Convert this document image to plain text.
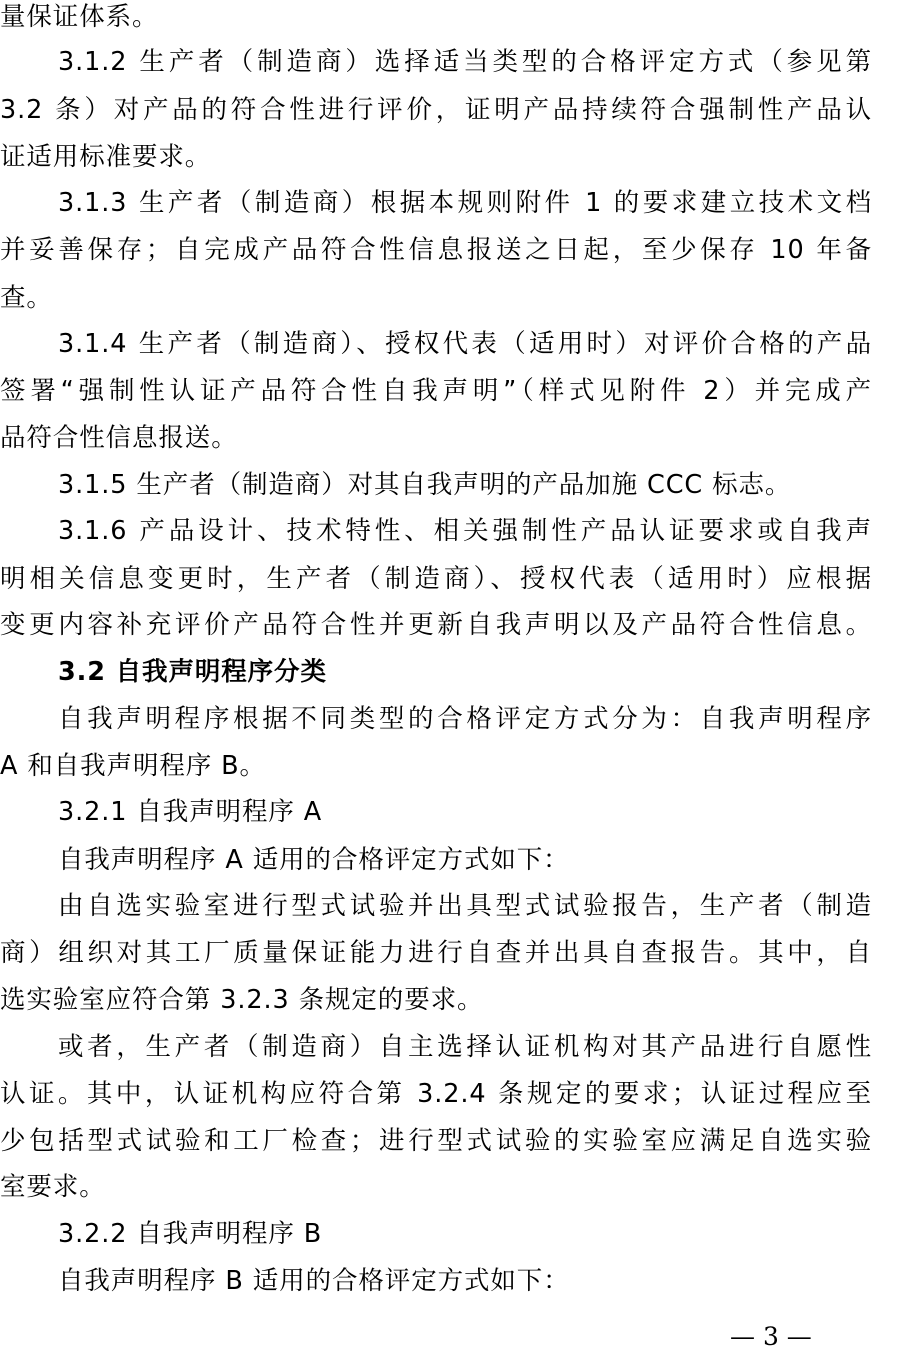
量保证体系。
3.1.2 生产者（制造商）选择适当类型的合格评定方式（参见第
3.2 条）对产品的符合性进行评价，证明产品持续符合强制性产品认
证适用标准要求。
3.1.3 生产者（制造商）根据本规则附件 1 的要求建立技术文档
并妥善保存；自完成产品符合性信息报送之日起，至少保存 10 年备
查。
3.1.4 生产者（制造商）、授权代表（适用时）对评价合格的产品
签署“强制性认证产品符合性自我声明”（样式见附件 2）并完成产
品符合性信息报送。
3.1.5 生产者（制造商）对其自我声明的产品加施 CCC 标志。
3.1.6 产品设计、技术特性、相关强制性产品认证要求或自我声
明相关信息变更时，生产者（制造商）、授权代表（适用时）应根据
变更内容补充评价产品符合性并更新自我声明以及产品符合性信息。
3.2 自我声明程序分类
自我声明程序根据不同类型的合格评定方式分为：自我声明程序
A 和自我声明程序 B。
3.2.1 自我声明程序 A
自我声明程序 A 适用的合格评定方式如下：
由自选实验室进行型式试验并出具型式试验报告，生产者（制造
商）组织对其工厂质量保证能力进行自查并出具自查报告。其中，自
选实验室应符合第 3.2.3 条规定的要求。
或者，生产者（制造商）自主选择认证机构对其产品进行自愿性
认证。其中，认证机构应符合第 3.2.4 条规定的要求；认证过程应至
少包括型式试验和工厂检查；进行型式试验的实验室应满足自选实验
室要求。
3.2.2 自我声明程序 B
自我声明程序 B 适用的合格评定方式如下：
— 3 —
